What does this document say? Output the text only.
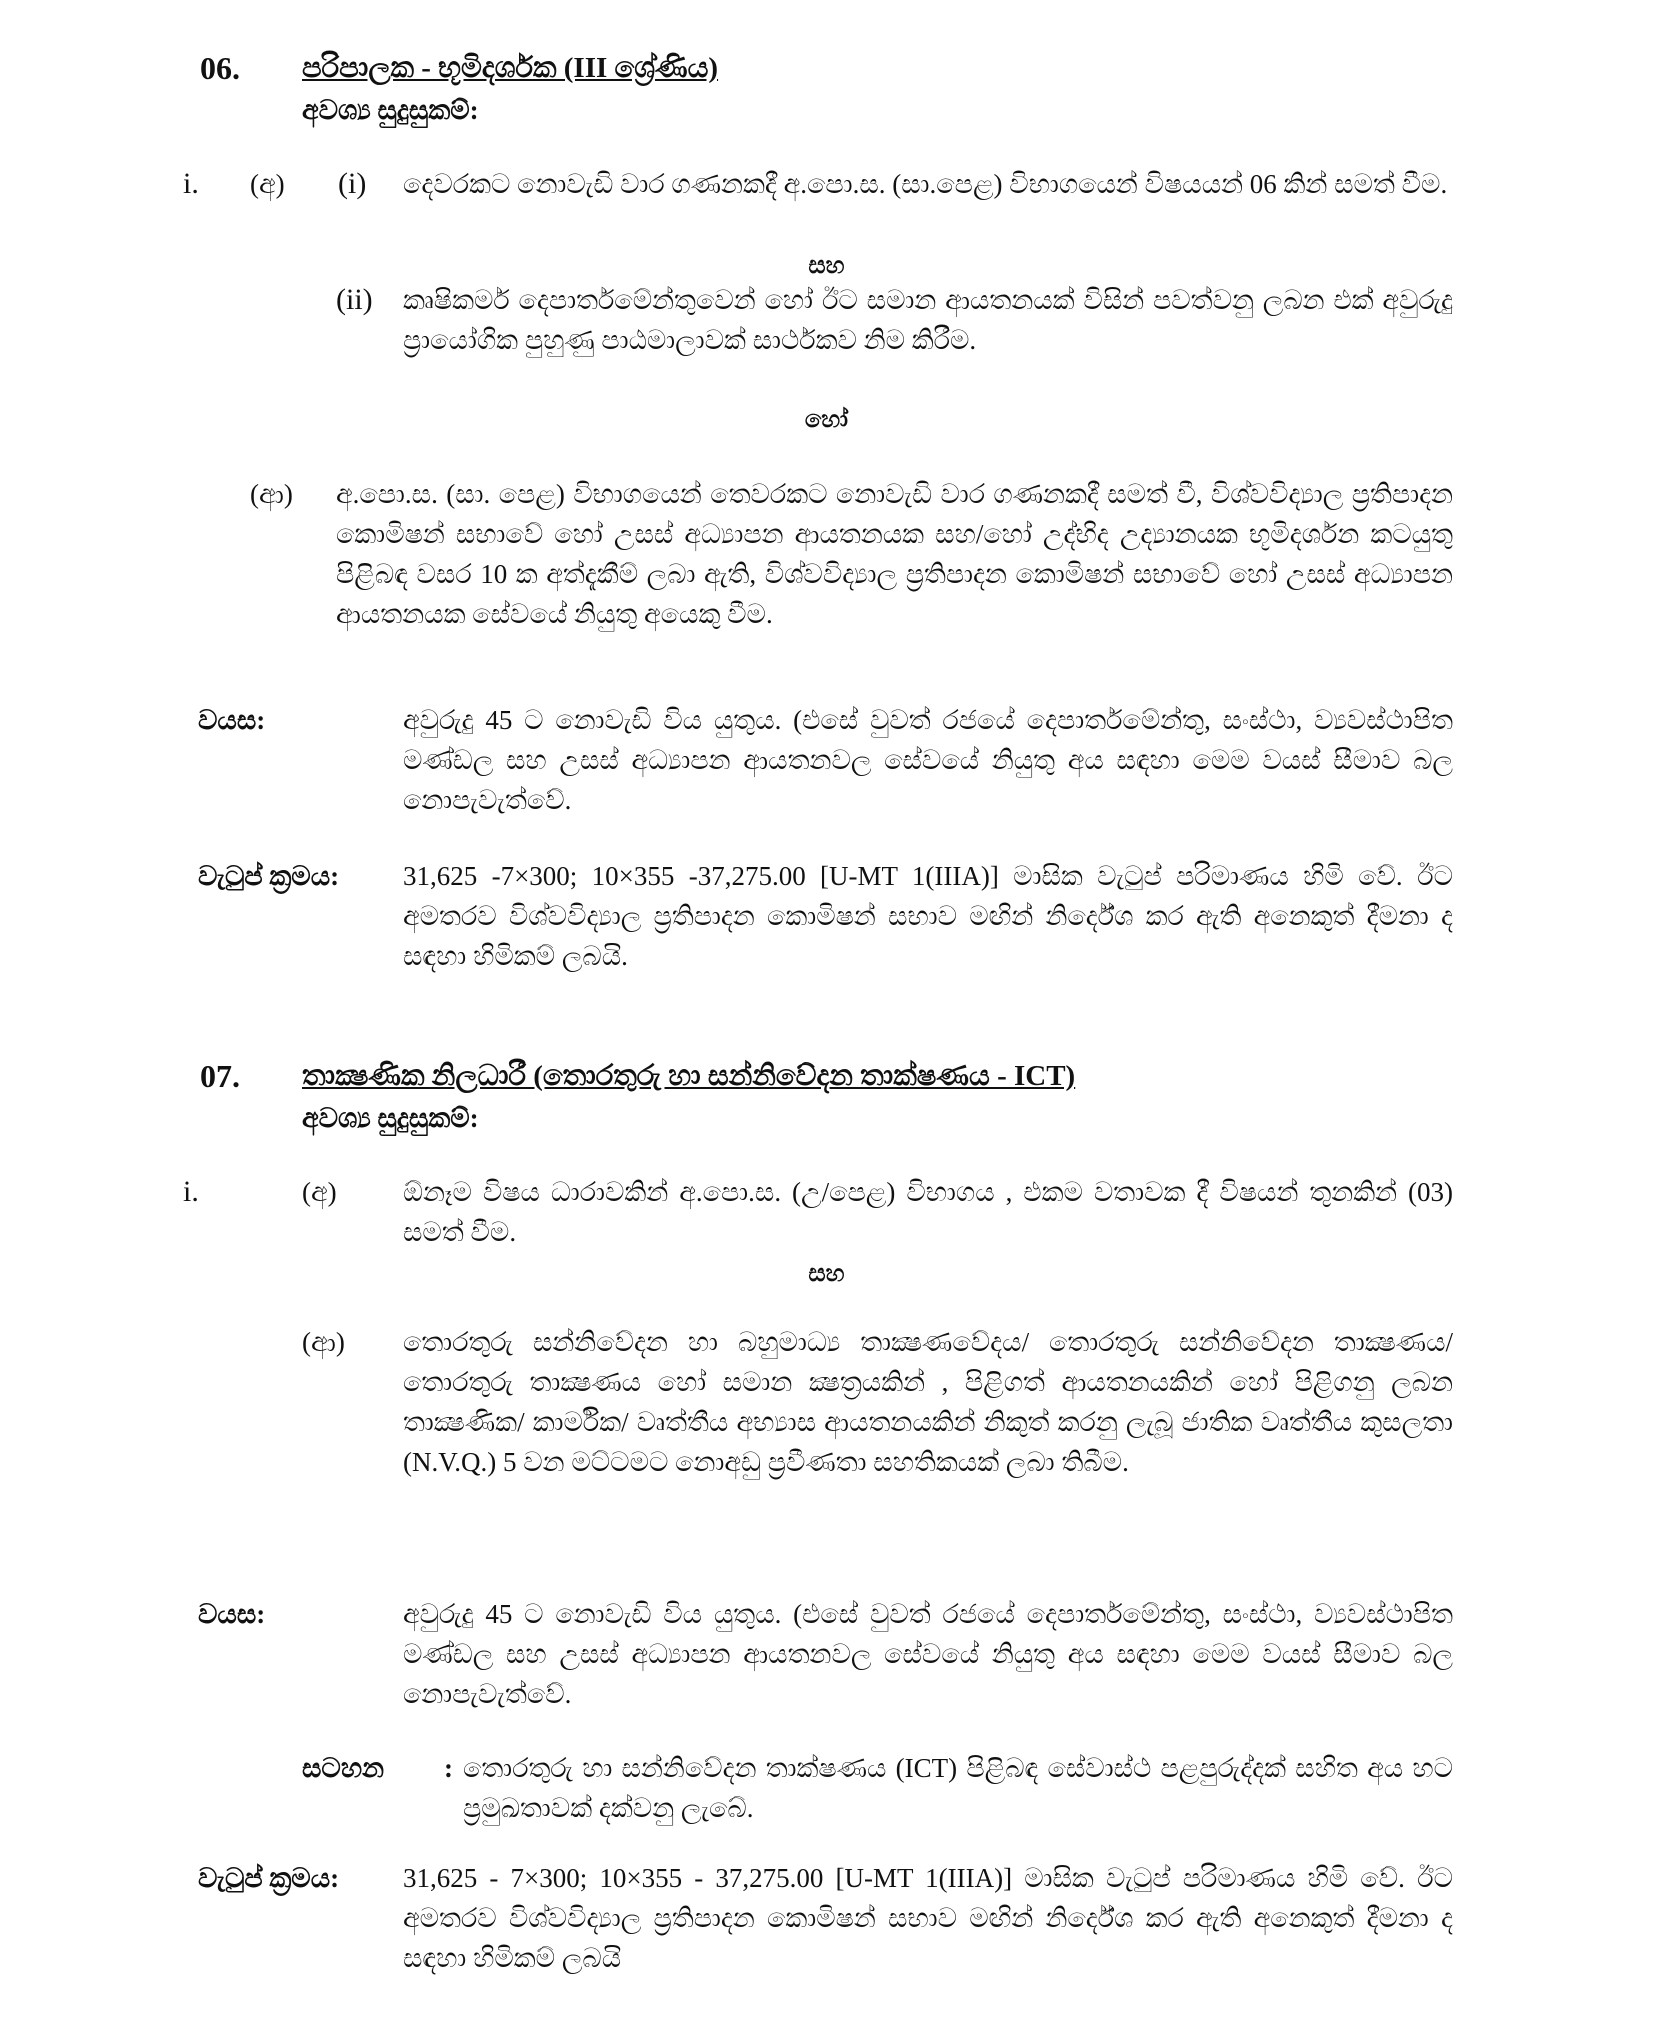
06. පරිපාලක - භූමිදර්ශක (III ශ්‍රේණිය)
අවශ්‍ය සුදුසුකම්:
i. (අ) (i) දෙවරකට නොවැඩි වාර ගණනකදී අ.පො.ස. (සා.පෙළ) විභාගයෙන් විෂයයන් 06 කින් සමත් වීම.
සහ
(ii) කෘෂිකර්ම දෙපාර්තමේන්තුවෙන් හෝ ඊට සමාන ආයතනයක් විසින් පවත්වනු ලබන එක් අවුරුදු ප්‍රායෝගික පුහුණු පාඨමාලාවක් සාර්ථකව නිම කිරීම.
හෝ
(ආ) අ.පො.ස. (සා. පෙළ) විභාගයෙන් තෙවරකට නොවැඩි වාර ගණනකදී සමත් වී, විශ්වවිද්‍යාල ප්‍රතිපාදන කොමිෂන් සභාවේ හෝ උසස් අධ්‍යාපන ආයතනයක සහ/හෝ උද්භිද උද්‍යානයක භූමිදර්ශන කටයුතු පිළිබඳ වසර 10 ක අත්දැකීම් ලබා ඇති, විශ්වවිද්‍යාල ප්‍රතිපාදන කොමිෂන් සභාවේ හෝ උසස් අධ්‍යාපන ආයතනයක සේවයේ නියුතු අයෙකු වීම.
වයස:	අවුරුදු 45 ට නොවැඩි විය යුතුය. (එසේ වුවත් රජයේ දෙපාර්තමේන්තු, සංස්ථා, ව්‍යවස්ථාපිත මණ්ඩල සහ උසස් අධ්‍යාපන ආයතනවල සේවයේ නියුතු අය සඳහා මෙම වයස් සීමාව බල නොපැවැත්වේ.
වැටුප් ක්‍රමය: 31,625 -7×300; 10×355 -37,275.00 [U-MT 1(IIIA)] මාසික වැටුප් පරිමාණය හිමි වේ. ඊට අමතරව විශ්වවිද්‍යාල ප්‍රතිපාදන කොමිෂන් සභාව මඟින් නිර්දේශ කර ඇති අනෙකුත් දීමනා ද සඳහා හිමිකම් ලබයි.
07. තාක්‍ෂණික නිලධාරී (තොරතුරු හා සන්නිවේදන තාක්ෂණය - ICT)
අවශ්‍ය සුදුසුකම්:
i.	(අ) ඕනෑම විෂය ධාරාවකින් අ.පො.ස. (උ/පෙළ) විභාගය , එකම වතාවක දී විෂයන් තුනකින් (03) සමත් වීම.
සහ
(ආ) තොරතුරු සන්නිවේදන හා බහුමාධ්‍ය තාක්‍ෂණවේදය/ තොරතුරු සන්නිවේදන තාක්‍ෂණය/ තොරතුරු තාක්‍ෂණය හෝ සමාන ක්‍ෂත්‍රයකින් , පිළිගත් ආයතනයකින් හෝ පිළිගනු ලබන තාක්‍ෂණික/ කාර්මික/ වෘත්තීය අභ්‍යාස ආයතනයකින් නිකුත් කරනු ලැබූ ජාතික වෘත්තීය කුසලතා (N.V.Q.) 5 වන මට්ටමට නොඅඩු ප්‍රවීණතා සහතිකයක් ලබා තිබීම.
වයස:	අවුරුදු 45 ට නොවැඩි විය යුතුය. (එසේ වුවත් රජයේ දෙපාර්තමේන්තු, සංස්ථා, ව්‍යවස්ථාපිත මණ්ඩල සහ උසස් අධ්‍යාපන ආයතනවල සේවයේ නියුතු අය සඳහා මෙම වයස් සීමාව බල නොපැවැත්වේ.
සටහන : තොරතුරු හා සන්නිවේදන තාක්ෂණය (ICT) පිළිබඳ සේවාස්ථ පළපුරුද්දක් සහිත අය හට ප්‍රමුඛතාවක් දක්වනු ලැබේ.
වැටුප් ක්‍රමය: 31,625 - 7×300; 10×355 - 37,275.00 [U-MT 1(IIIA)] මාසික වැටුප් පරිමාණය හිමි වේ. ඊට අමතරව විශ්වවිද්‍යාල ප්‍රතිපාදන කොමිෂන් සභාව මඟින් නිර්දේශ කර ඇති අනෙකුත් දීමනා ද සඳහා හිමිකම් ලබයි
